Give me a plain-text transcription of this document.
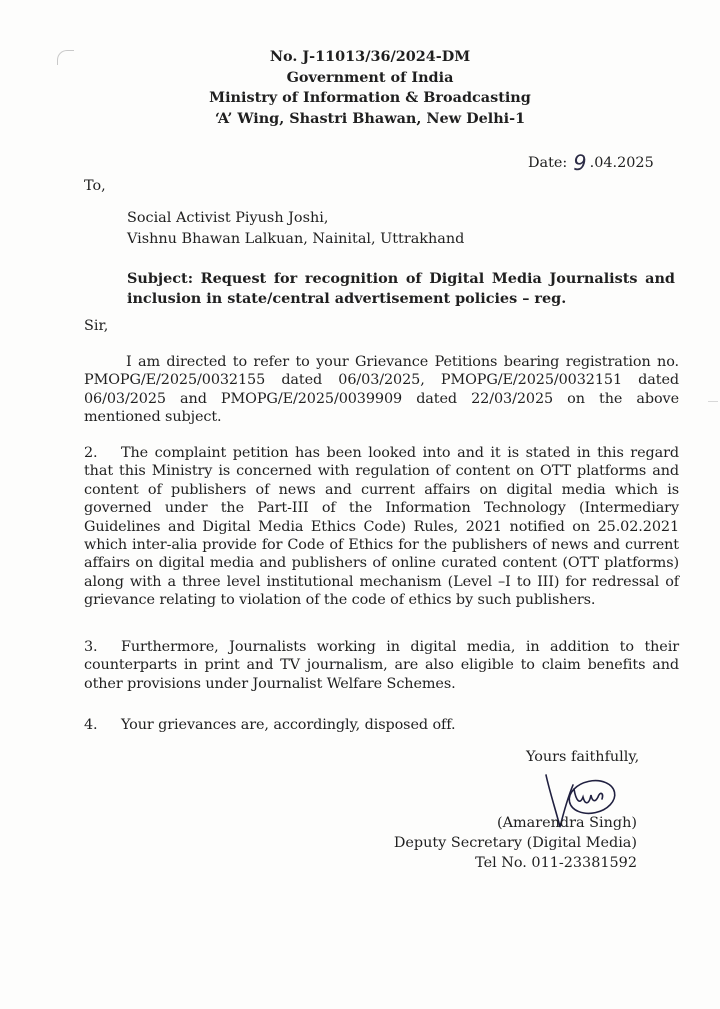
No. J-11013/36/2024-DM
Government of India
Ministry of Information & Broadcasting
‘A’ Wing, Shastri Bhawan, New Delhi-1
Date: 9 .04.2025
To,
Social Activist Piyush Joshi,
Vishnu Bhawan Lalkuan, Nainital, Uttrakhand
Subject: Request for recognition of Digital Media Journalists and inclusion in state/central advertisement policies – reg.
Sir,
I am directed to refer to your Grievance Petitions bearing registration no. PMOPG/E/2025/0032155 dated 06/03/2025, PMOPG/E/2025/0032151 dated 06/03/2025 and PMOPG/E/2025/0039909 dated 22/03/2025 on the above mentioned subject.
2. The complaint petition has been looked into and it is stated in this regard that this Ministry is concerned with regulation of content on OTT platforms and content of publishers of news and current affairs on digital media which is governed under the Part-III of the Information Technology (Intermediary Guidelines and Digital Media Ethics Code) Rules, 2021 notified on 25.02.2021 which inter-alia provide for Code of Ethics for the publishers of news and current affairs on digital media and publishers of online curated content (OTT platforms) along with a three level institutional mechanism (Level –I to III) for redressal of grievance relating to violation of the code of ethics by such publishers.
3. Furthermore, Journalists working in digital media, in addition to their counterparts in print and TV journalism, are also eligible to claim benefits and other provisions under Journalist Welfare Schemes.
4. Your grievances are, accordingly, disposed off.
Yours faithfully,
(Amarendra Singh)
Deputy Secretary (Digital Media)
Tel No. 011-23381592
